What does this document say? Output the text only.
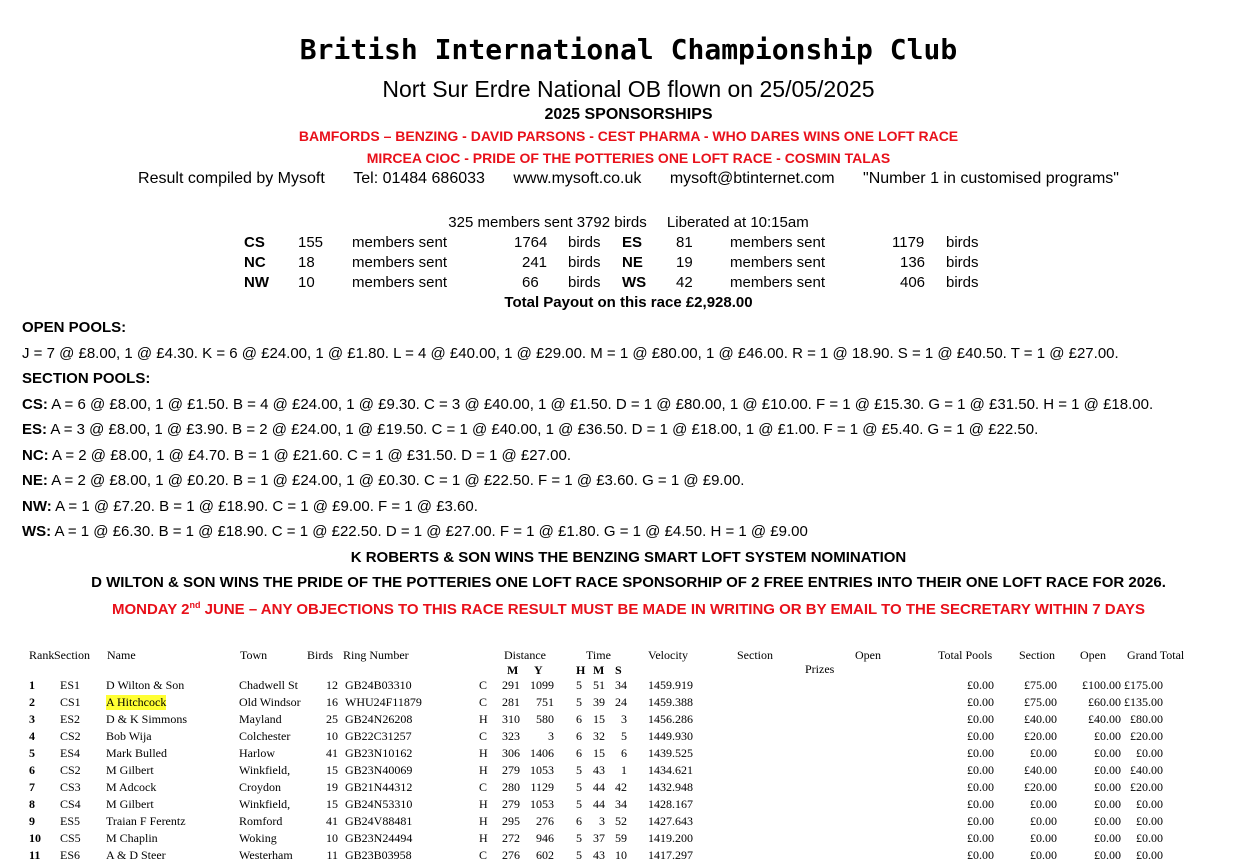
British International Championship Club
Nort Sur Erdre National OB flown on 25/05/2025
2025 SPONSORSHIPS
BAMFORDS – BENZING - DAVID PARSONS - CEST PHARMA - WHO DARES WINS ONE LOFT RACE
MIRCEA CIOC - PRIDE OF THE POTTERIES ONE LOFT RACE - COSMIN TALAS
Result compiled by Mysoft Tel: 01484 686033 www.mysoft.co.uk mysoft@btinternet.com "Number 1 in customised programs"
325 members sent 3792 birds Liberated at 10:15am
CS 155 members sent	1764 birds ES 81 members sent	1179 birds
NC 18 members sent	241 birds NE 19 members sent	136 birds
NW 10 members sent	66 birds WS 42 members sent	406 birds
Total Payout on this race £2,928.00
OPEN POOLS:
J = 7 @ £8.00, 1 @ £4.30. K = 6 @ £24.00, 1 @ £1.80. L = 4 @ £40.00, 1 @ £29.00. M = 1 @ £80.00, 1 @ £46.00. R = 1 @ 18.90. S = 1 @ £40.50. T = 1 @ £27.00.
SECTION POOLS:
CS: A = 6 @ £8.00, 1 @ £1.50. B = 4 @ £24.00, 1 @ £9.30. C = 3 @ £40.00, 1 @ £1.50. D = 1 @ £80.00, 1 @ £10.00. F = 1 @ £15.30. G = 1 @ £31.50. H = 1 @ £18.00.
ES: A = 3 @ £8.00, 1 @ £3.90. B = 2 @ £24.00, 1 @ £19.50. C = 1 @ £40.00, 1 @ £36.50. D = 1 @ £18.00, 1 @ £1.00. F = 1 @ £5.40. G = 1 @ £22.50.
NC: A = 2 @ £8.00, 1 @ £4.70. B = 1 @ £21.60. C = 1 @ £31.50. D = 1 @ £27.00.
NE: A = 2 @ £8.00, 1 @ £0.20. B = 1 @ £24.00, 1 @ £0.30. C = 1 @ £22.50. F = 1 @ £3.60. G = 1 @ £9.00.
NW: A = 1 @ £7.20. B = 1 @ £18.90. C = 1 @ £9.00. F = 1 @ £3.60.
WS: A = 1 @ £6.30. B = 1 @ £18.90. C = 1 @ £22.50. D = 1 @ £27.00. F = 1 @ £1.80. G = 1 @ £4.50. H = 1 @ £9.00
K ROBERTS & SON WINS THE BENZING SMART LOFT SYSTEM NOMINATION
D WILTON & SON WINS THE PRIDE OF THE POTTERIES ONE LOFT RACE SPONSORHIP OF 2 FREE ENTRIES INTO THEIR ONE LOFT RACE FOR 2026.
MONDAY 2nd JUNE – ANY OBJECTIONS TO THIS RACE RESULT MUST BE MADE IN WRITING OR BY EMAIL TO THE SECRETARY WITHIN 7 DAYS
Rank Section Name	Town	Birds Ring Number	Distance	Time	Velocity	Section	Open	Total Pools Section Open Grand Total
M Y	H M S	Prizes
1 ES1 D Wilton & Son	Chadwell St 12 GB24B03310	C 291 1099 5 51 34 1459.919	£0.00	£75.00 £100.00 £175.00
2 CS1 A Hitchcock	Old Windsor 16 WHU24F11879	C 281 751 5 39 24 1459.388	£0.00	£75.00	£60.00 £135.00
3 ES2 D & K Simmons	Mayland	25 GB24N26208	H 310 580 6 15 3 1456.286	£0.00	£40.00	£40.00 £80.00
4 CS2 Bob Wija	Colchester	10 GB22C31257	C 323 3 6 32 5 1449.930	£0.00	£20.00	£0.00 £20.00
5 ES4 Mark Bulled	Harlow	41 GB23N10162	H 306 1406 6 15 6 1439.525	£0.00	£0.00	£0.00 £0.00
6 CS2 M Gilbert	Winkfield,	15 GB23N40069	H 279 1053 5 43 1 1434.621	£0.00	£40.00	£0.00 £40.00
7 CS3 M Adcock	Croydon	19 GB21N44312	C 280 1129 5 44 42 1432.948	£0.00	£20.00	£0.00 £20.00
8 CS4 M Gilbert	Winkfield,	15 GB24N53310	H 279 1053 5 44 34 1428.167	£0.00	£0.00	£0.00 £0.00
9 ES5 Traian F Ferentz	Romford	41 GB24V88481	H 295 276 6 3 52 1427.643	£0.00	£0.00	£0.00 £0.00
10 CS5 M Chaplin	Woking	10 GB23N24494	H 272 946 5 37 59 1419.200	£0.00	£0.00	£0.00 £0.00
11 ES6 A & D Steer	Westerham	11 GB23B03958	C 276 602 5 43 10 1417.297	£0.00	£0.00	£0.00 £0.00
